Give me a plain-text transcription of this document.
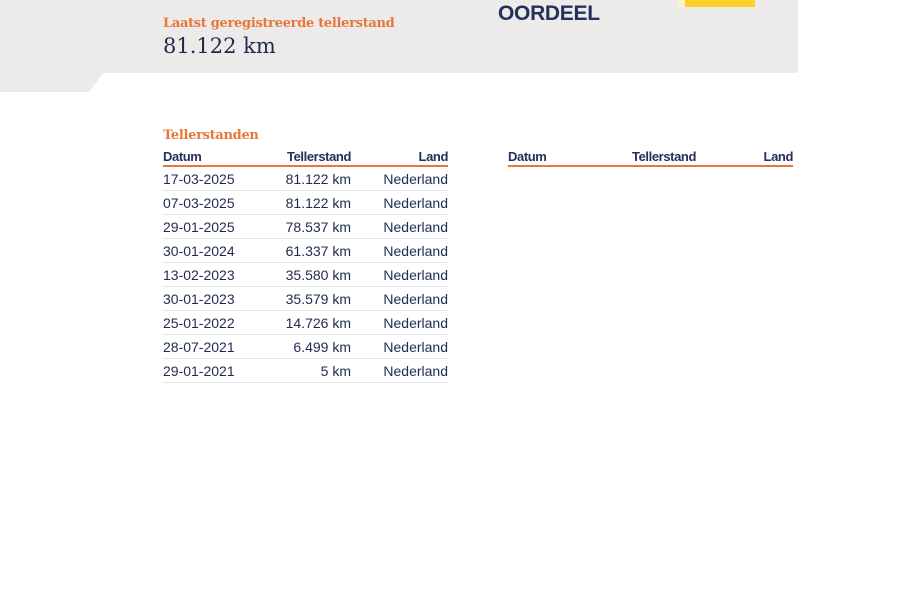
Laatst geregistreerde tellerstand
81.122 km
OORDEEL
Tellerstanden
Datum	Tellerstand	Land
17-03-2025	81.122 km	Nederland
07-03-2025	81.122 km	Nederland
29-01-2025	78.537 km	Nederland
30-01-2024	61.337 km	Nederland
13-02-2023	35.580 km	Nederland
30-01-2023	35.579 km	Nederland
25-01-2022	14.726 km	Nederland
28-07-2021	6.499 km	Nederland
29-01-2021	5 km	Nederland
Datum	Tellerstand	Land
